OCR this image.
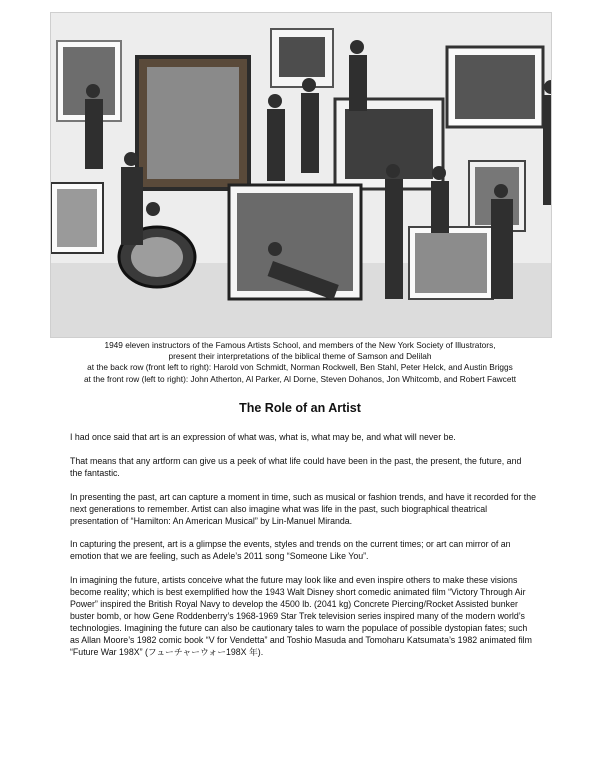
1949 eleven instructors of the Famous Artists School, and members of the New York Society of Illustrators,
present their interpretations of the biblical theme of Samson and Delilah
at the back row (front left to right): Harold von Schmidt, Norman Rockwell, Ben Stahl, Peter Helck, and Austin Briggs
at the front row (left to right): John Atherton, Al Parker, Al Dorne, Steven Dohanos, Jon Whitcomb, and Robert Fawcett
The Role of an Artist

I had once said that art is an expression of what was, what is, what may be, and what will never be.

That means that any artform can give us a peek of what life could have been in the past, the present, the future, and the fantastic.

In presenting the past, art can capture a moment in time, such as musical or fashion trends, and have it recorded for the next generations to remember. Artist can also imagine what was life in the past, such biographical theatrical presentation of “Hamilton: An American Musical” by Lin-Manuel Miranda.

In capturing the present, art is a glimpse the events, styles and trends on the current times; or art can mirror of an emotion that we are feeling, such as Adele’s 2011 song “Someone Like You”.

In imagining the future, artists conceive what the future may look like and even inspire others to make these visions become reality; which is best exemplified how the 1943 Walt Disney short comedic animated film “Victory Through Air Power” inspired the British Royal Navy to develop the 4500 lb. (2041 kg) Concrete Piercing/Rocket Assisted bunker buster bomb, or how Gene Roddenberry’s 1968-1969 Star Trek television series inspired many of the modern world’s technologies. Imagining the future can also be cautionary tales to warn the populace of possible dystopian fates; such as Allan Moore’s 1982 comic book “V for Vendetta” and Toshio Masuda and Tomoharu Katsumata’s 1982 animated film “Future War 198X” (フューチャーウォー198X 年).
